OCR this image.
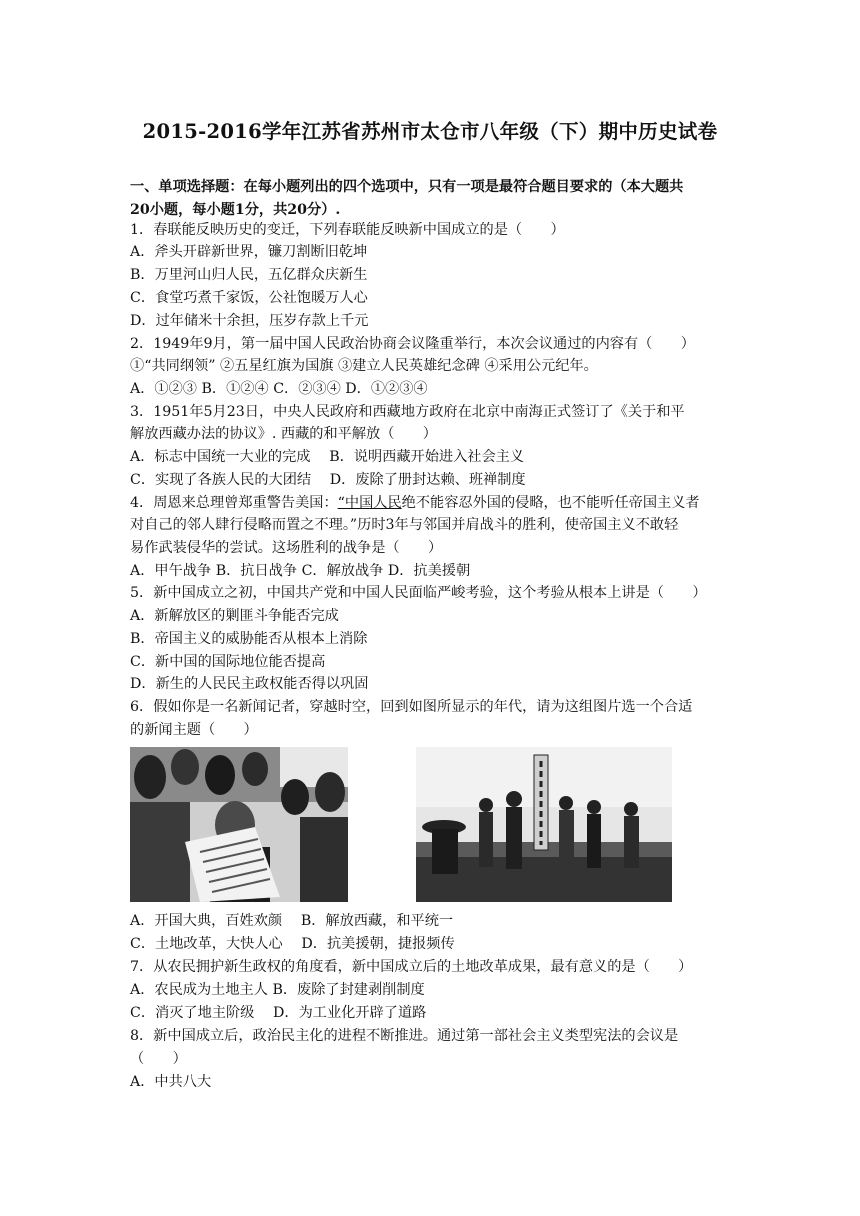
2015-2016学年江苏省苏州市太仓市八年级（下）期中历史试卷
一、单项选择题：在每小题列出的四个选项中，只有一项是最符合题目要求的（本大题共
20小题，每小题1分，共20分）.
1．春联能反映历史的变迁，下列春联能反映新中国成立的是（　　）
A．斧头开辟新世界，镰刀割断旧乾坤
B．万里河山归人民，五亿群众庆新生
C．食堂巧煮千家饭，公社饱暖万人心
D．过年储米十余担，压岁存款上千元
2．1949年9月，第一届中国人民政治协商会议隆重举行，本次会议通过的内容有（　　）
①“共同纲领” ②五星红旗为国旗 ③建立人民英雄纪念碑 ④采用公元纪年。
A．①②③ B．①②④ C．②③④ D．①②③④
3．1951年5月23日，中央人民政府和西藏地方政府在北京中南海正式签订了《关于和平
解放西藏办法的协议》. 西藏的和平解放（　　）
A．标志中国统一大业的完成　 B．说明西藏开始进入社会主义
C．实现了各族人民的大团结　 D．废除了册封达赖、班禅制度
4．周恩来总理曾郑重警告美国：“中国人民绝不能容忍外国的侵略，也不能听任帝国主义者
对自己的邻人肆行侵略而置之不理。”历时3年与邻国并肩战斗的胜利，使帝国主义不敢轻
易作武装侵华的尝试。这场胜利的战争是（　　）
A．甲午战争 B．抗日战争 C．解放战争 D．抗美援朝
5．新中国成立之初，中国共产党和中国人民面临严峻考验，这个考验从根本上讲是（　　）
A．新解放区的剿匪斗争能否完成
B．帝国主义的威胁能否从根本上消除
C．新中国的国际地位能否提高
D．新生的人民民主政权能否得以巩固
6．假如你是一名新闻记者，穿越时空，回到如图所显示的年代，请为这组图片选一个合适
的新闻主题（　　）
A．开国大典，百姓欢颜　 B．解放西藏，和平统一
C．土地改革，大快人心　 D．抗美援朝，捷报频传
7．从农民拥护新生政权的角度看，新中国成立后的土地改革成果，最有意义的是（　　）
A．农民成为土地主人 B．废除了封建剥削制度
C．消灭了地主阶级　 D．为工业化开辟了道路
8．新中国成立后，政治民主化的进程不断推进。通过第一部社会主义类型宪法的会议是
（　　）
A．中共八大
